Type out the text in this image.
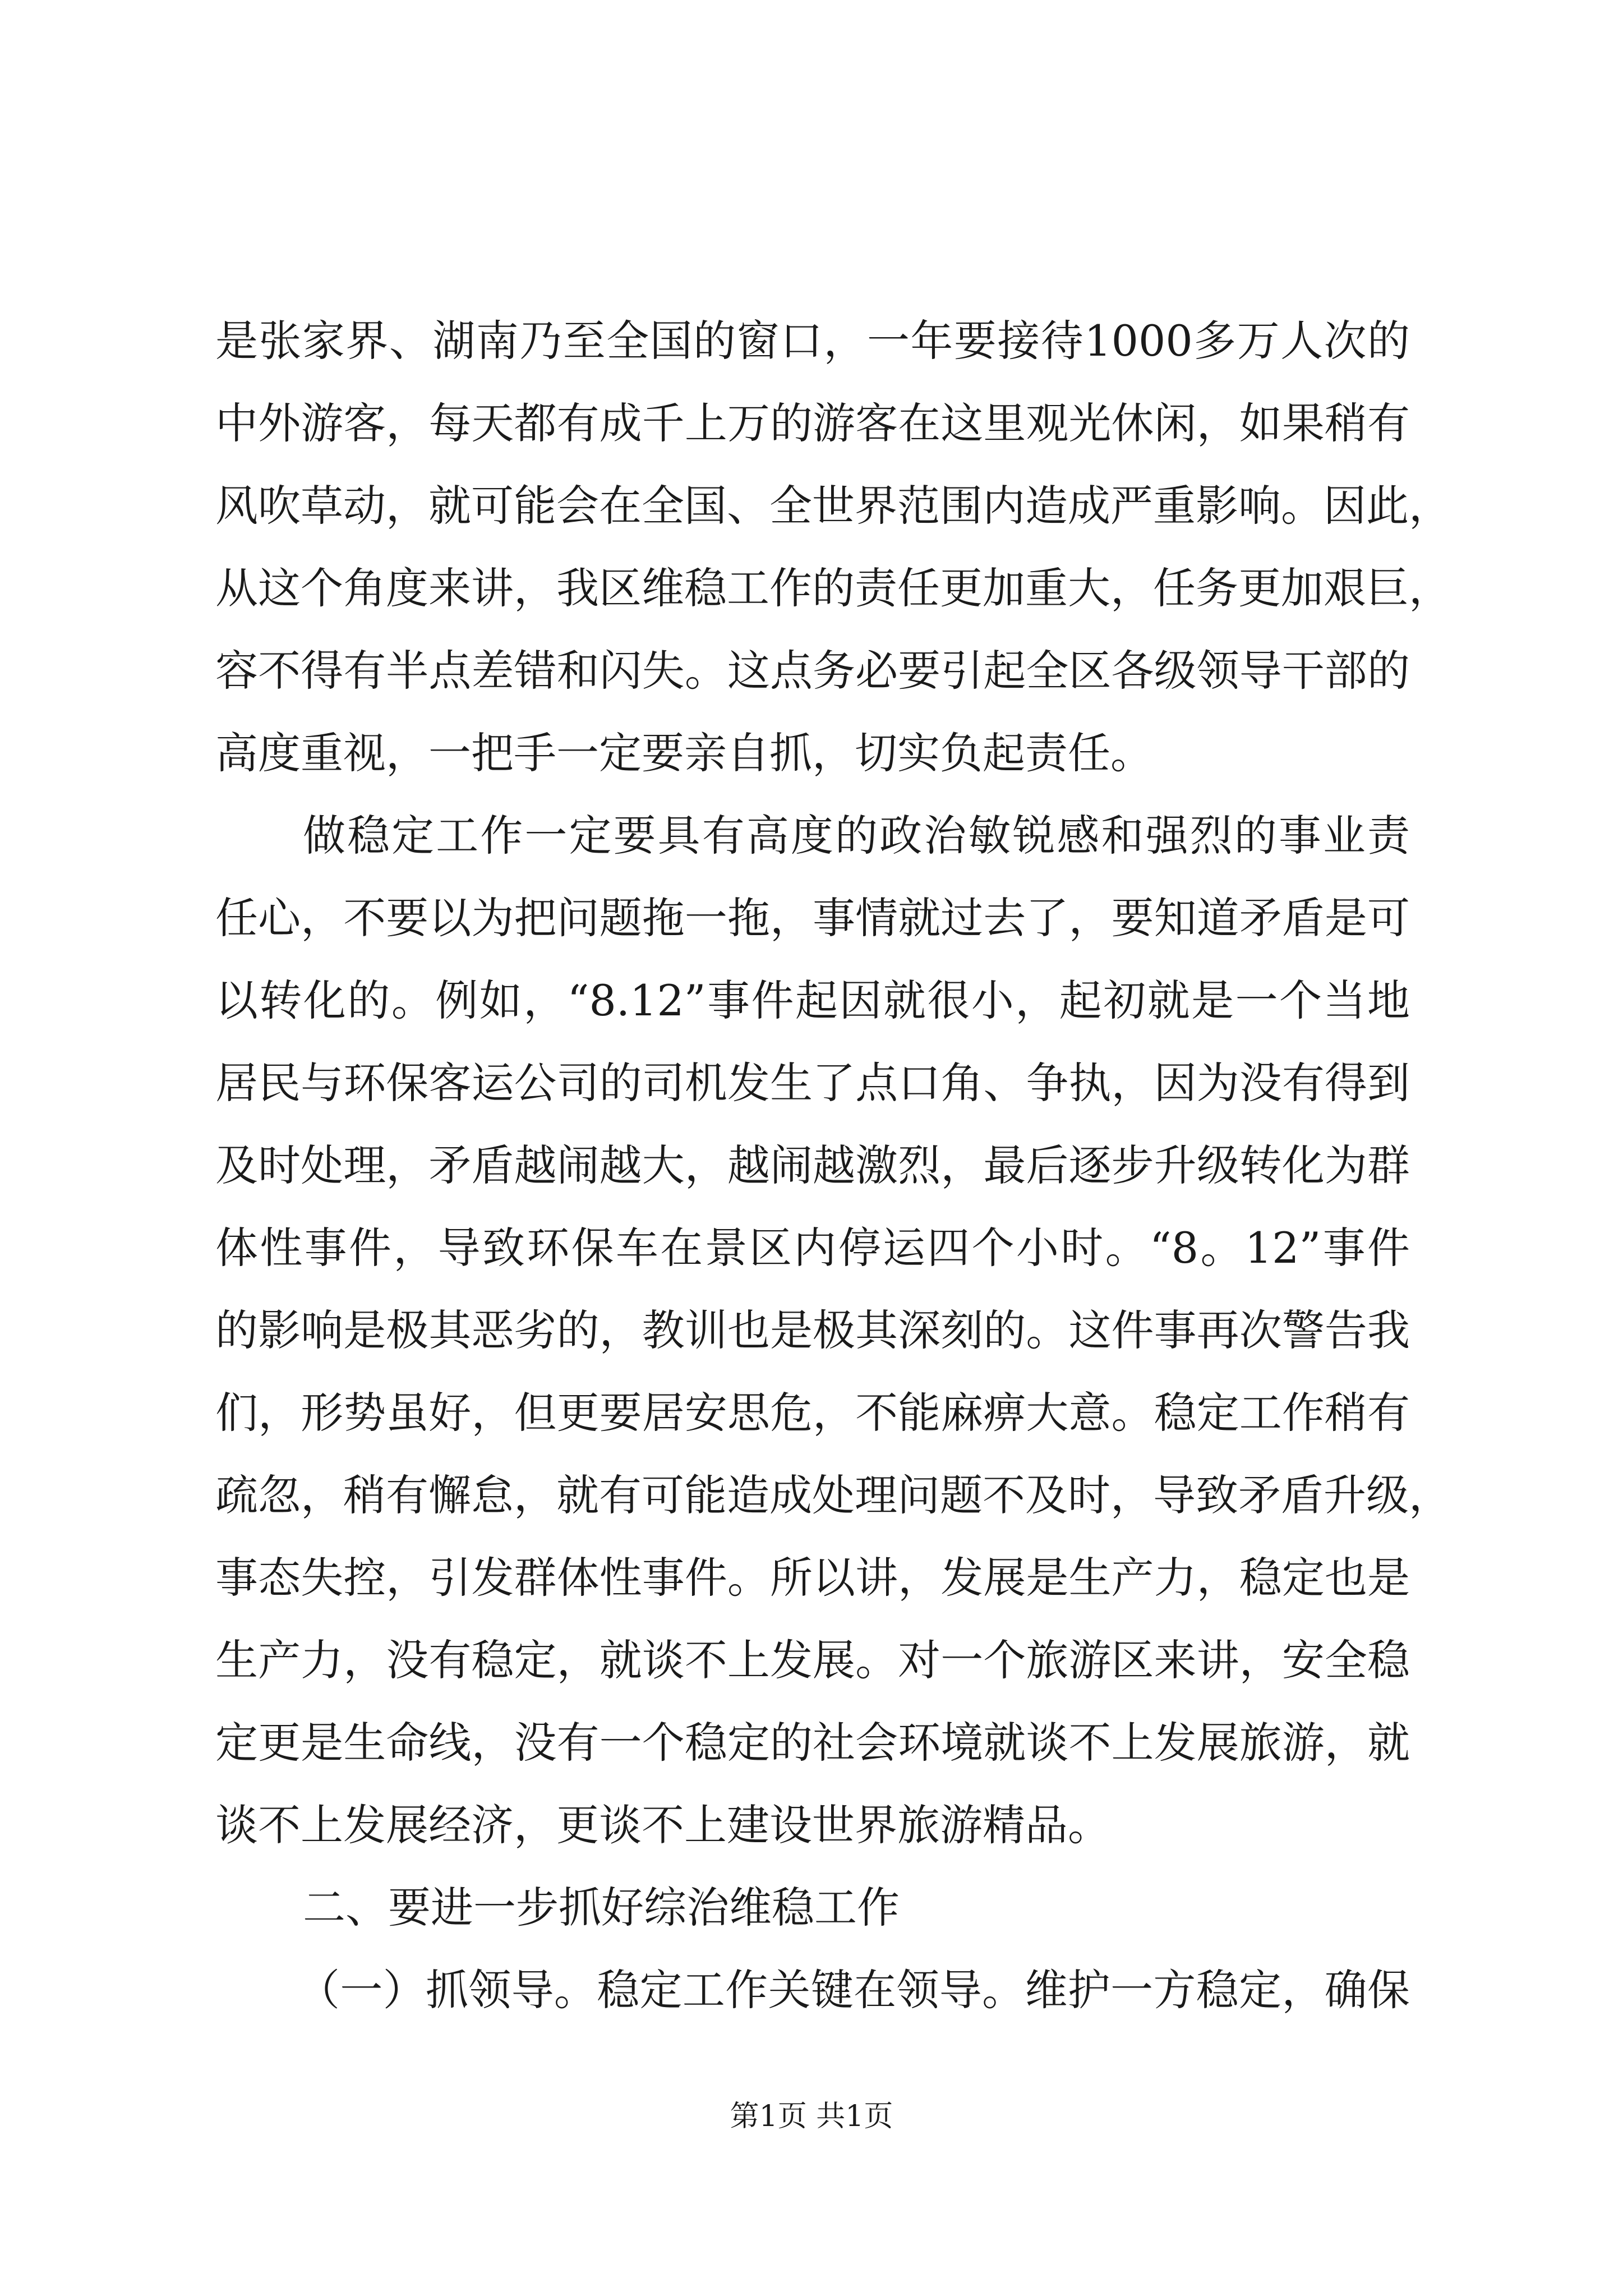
是张家界、湖南乃至全国的窗口，一年要接待1000多万人次的
中外游客，每天都有成千上万的游客在这里观光休闲，如果稍有
风吹草动，就可能会在全国、全世界范围内造成严重影响。因此，
从这个角度来讲，我区维稳工作的责任更加重大，任务更加艰巨，
容不得有半点差错和闪失。这点务必要引起全区各级领导干部的
高度重视，一把手一定要亲自抓，切实负起责任。
做稳定工作一定要具有高度的政治敏锐感和强烈的事业责
任心，不要以为把问题拖一拖，事情就过去了，要知道矛盾是可
以转化的。例如，“8.12”事件起因就很小，起初就是一个当地
居民与环保客运公司的司机发生了点口角、争执，因为没有得到
及时处理，矛盾越闹越大，越闹越激烈，最后逐步升级转化为群
体性事件，导致环保车在景区内停运四个小时。“8。12”事件
的影响是极其恶劣的，教训也是极其深刻的。这件事再次警告我
们，形势虽好，但更要居安思危，不能麻痹大意。稳定工作稍有
疏忽，稍有懈怠，就有可能造成处理问题不及时，导致矛盾升级，
事态失控，引发群体性事件。所以讲，发展是生产力，稳定也是
生产力，没有稳定，就谈不上发展。对一个旅游区来讲，安全稳
定更是生命线，没有一个稳定的社会环境就谈不上发展旅游，就
谈不上发展经济，更谈不上建设世界旅游精品。
二、要进一步抓好综治维稳工作
（一）抓领导。稳定工作关键在领导。维护一方稳定，确保
第1页 共1页
